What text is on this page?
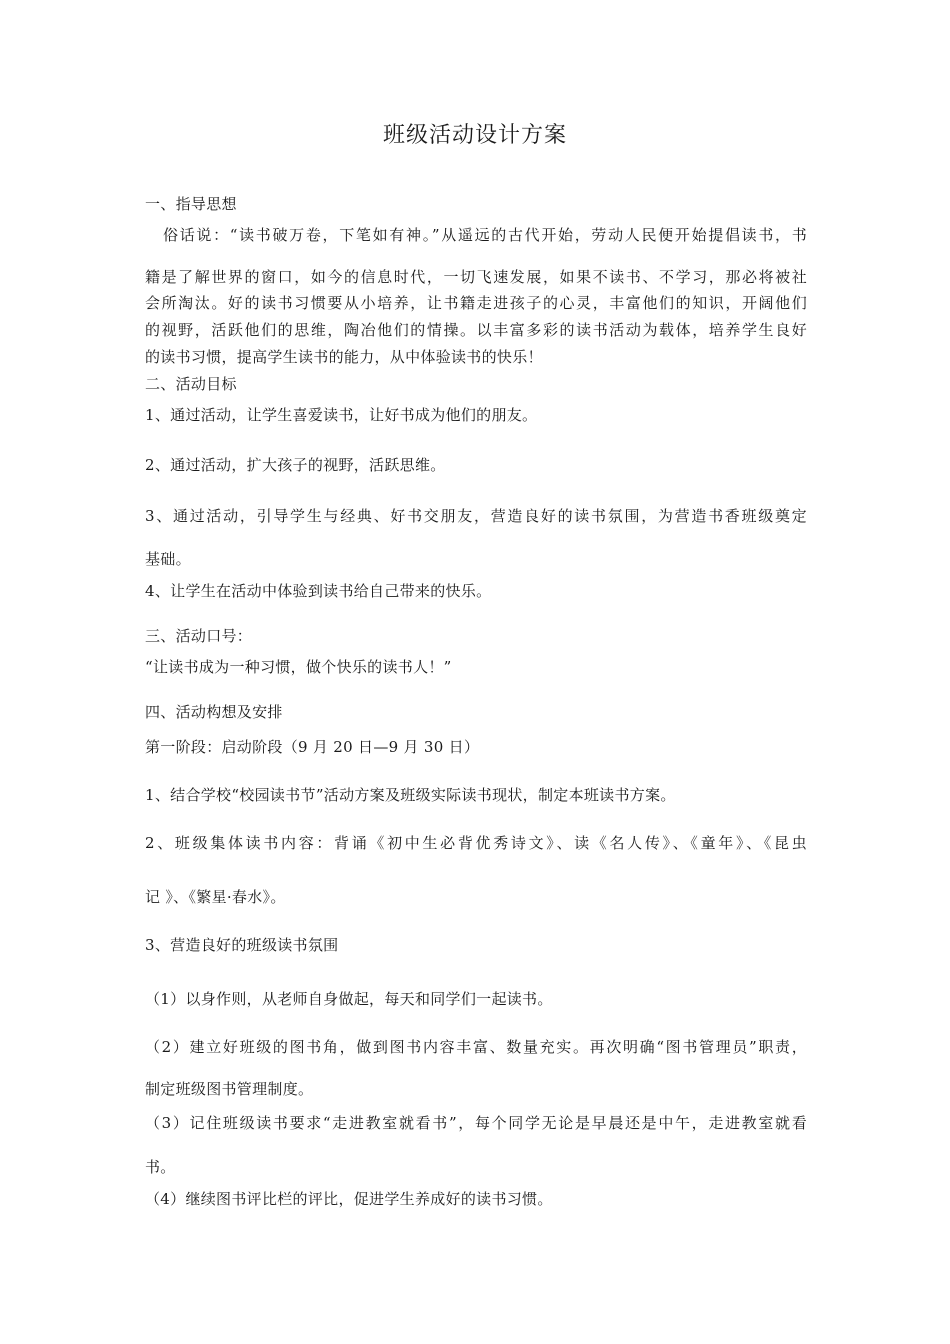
班级活动设计方案
一、指导思想
俗话说：“读书破万卷，下笔如有神。”从遥远的古代开始，劳动人民便开始提倡读书，书
籍是了解世界的窗口，如今的信息时代，一切飞速发展，如果不读书、不学习，那必将被社
会所淘汰。好的读书习惯要从小培养，让书籍走进孩子的心灵，丰富他们的知识，开阔他们
的视野，活跃他们的思维，陶冶他们的情操。以丰富多彩的读书活动为载体，培养学生良好
的读书习惯，提高学生读书的能力，从中体验读书的快乐！
二、活动目标
1、通过活动，让学生喜爱读书，让好书成为他们的朋友。
2、通过活动，扩大孩子的视野，活跃思维。
3、通过活动，引导学生与经典、好书交朋友，营造良好的读书氛围，为营造书香班级奠定
基础。
4、让学生在活动中体验到读书给自己带来的快乐。
三、活动口号：
“让读书成为一种习惯，做个快乐的读书人！”
四、活动构想及安排
第一阶段：启动阶段（9 月 20 日—9 月 30 日）
1、结合学校“校园读书节”活动方案及班级实际读书现状，制定本班读书方案。
2、班级集体读书内容：背诵《初中生必背优秀诗文》、读《名人传》、《童年》、《昆虫
记 》、《繁星·春水》。
3、营造良好的班级读书氛围
（1）以身作则，从老师自身做起，每天和同学们一起读书。
（2）建立好班级的图书角，做到图书内容丰富、数量充实。再次明确“图书管理员”职责，
制定班级图书管理制度。
（3）记住班级读书要求“走进教室就看书”，每个同学无论是早晨还是中午，走进教室就看
书。
（4）继续图书评比栏的评比，促进学生养成好的读书习惯。
